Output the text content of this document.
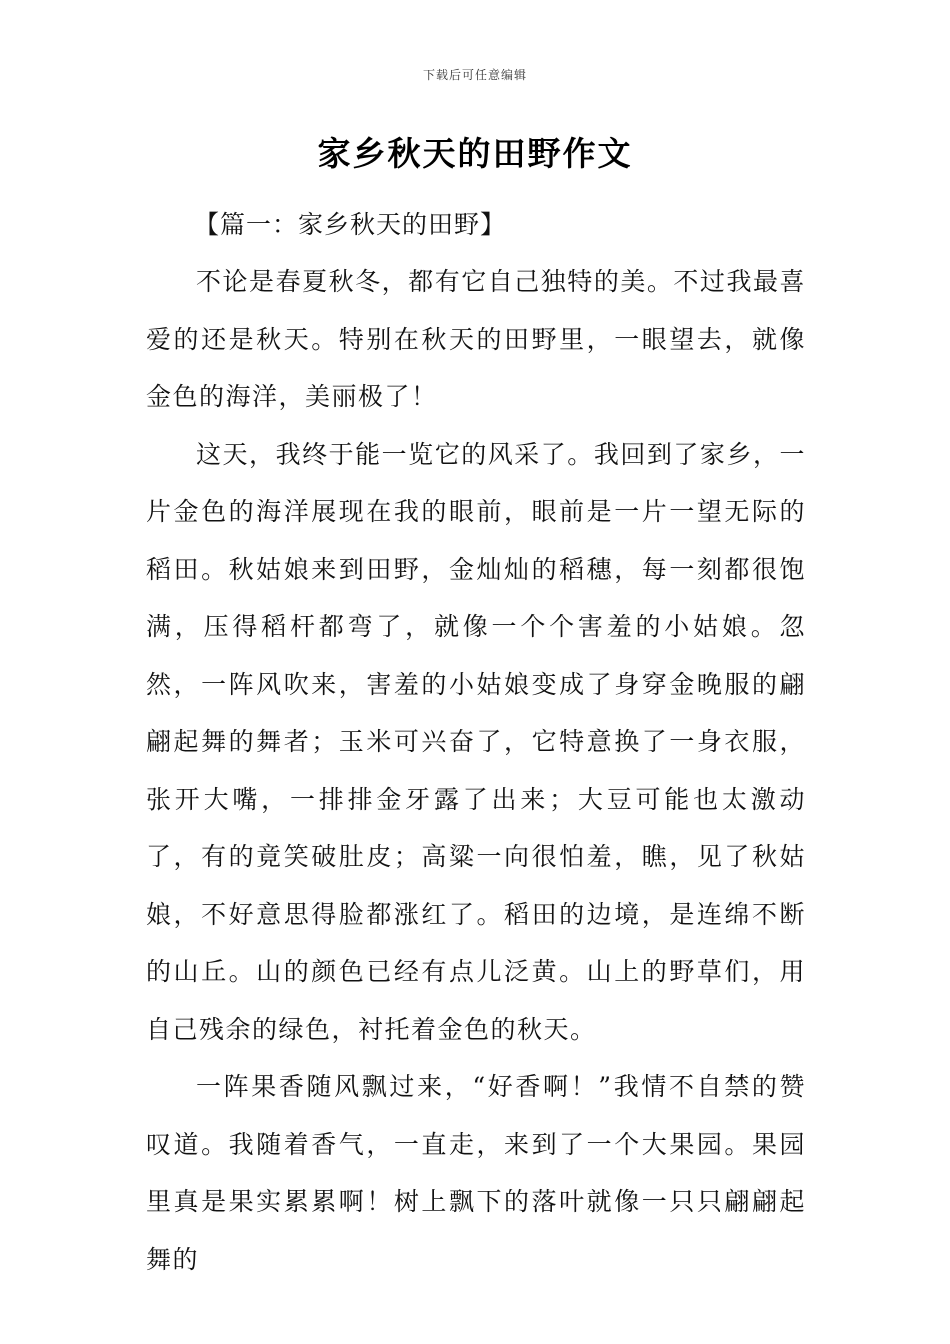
下载后可任意编辑
家乡秋天的田野作文

【篇一：家乡秋天的田野】

不论是春夏秋冬，都有它自己独特的美。不过我最喜爱的还是秋天。特别在秋天的田野里，一眼望去，就像金色的海洋，美丽极了！

这天，我终于能一览它的风采了。我回到了家乡，一片金色的海洋展现在我的眼前，眼前是一片一望无际的稻田。秋姑娘来到田野，金灿灿的稻穗，每一刻都很饱满，压得稻杆都弯了，就像一个个害羞的小姑娘。忽然，一阵风吹来，害羞的小姑娘变成了身穿金晚服的翩翩起舞的舞者；玉米可兴奋了，它特意换了一身衣服，张开大嘴，一排排金牙露了出来；大豆可能也太激动了，有的竟笑破肚皮；高粱一向很怕羞，瞧，见了秋姑娘，不好意思得脸都涨红了。稻田的边境，是连绵不断的山丘。山的颜色已经有点儿泛黄。山上的野草们，用自己残余的绿色，衬托着金色的秋天。

一阵果香随风飘过来，“好香啊！”我情不自禁的赞叹道。我随着香气，一直走，来到了一个大果园。果园里真是果实累累啊！树上飘下的落叶就像一只只翩翩起舞的
